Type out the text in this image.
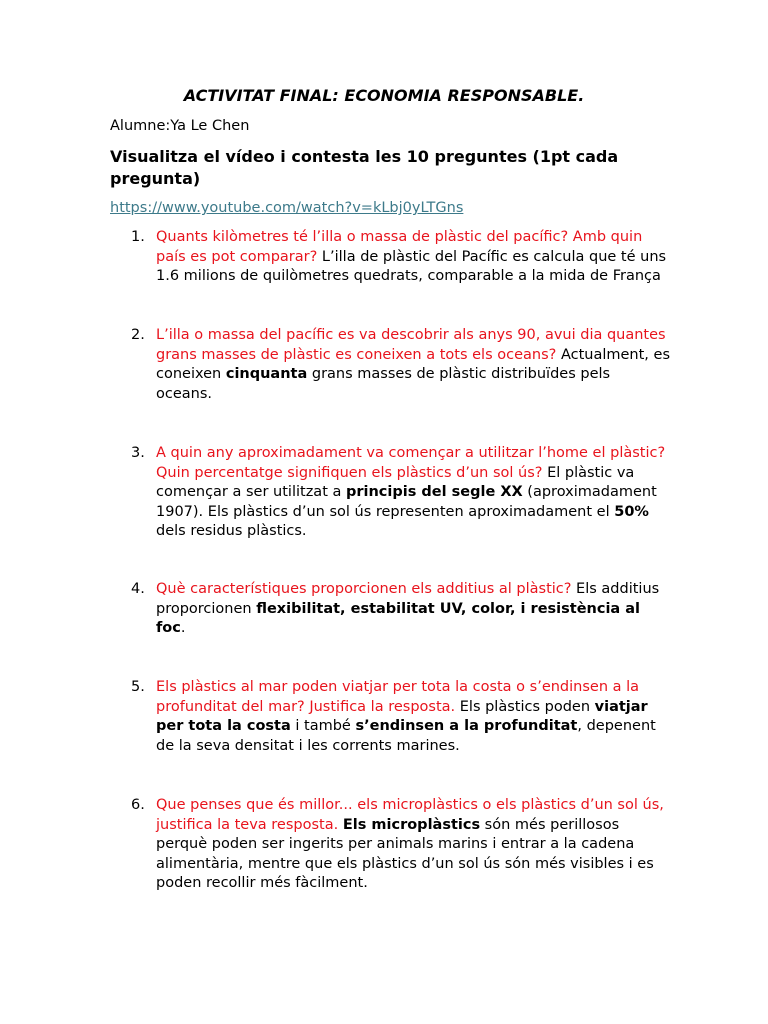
ACTIVITAT FINAL: ECONOMIA RESPONSABLE.
Alumne:Ya Le Chen
Visualitza el vídeo i contesta les 10 preguntes (1pt cada pregunta)
https://www.youtube.com/watch?v=kLbj0yLTGns
1. Quants kilòmetres té l’illa o massa de plàstic del pacífic? Amb quin país es pot comparar? L’illa de plàstic del Pacífic es calcula que té uns 1.6 milions de quilòmetres quedrats, comparable a la mida de França
2. L’illa o massa del pacífic es va descobrir als anys 90, avui dia quantes grans masses de plàstic es coneixen a tots els oceans? Actualment, es coneixen cinquanta grans masses de plàstic distribuïdes pels oceans.
3. A quin any aproximadament va començar a utilitzar l’home el plàstic? Quin percentatge signifiquen els plàstics d’un sol ús? El plàstic va començar a ser utilitzat a principis del segle XX (aproximadament 1907). Els plàstics d’un sol ús representen aproximadament el 50% dels residus plàstics.
4. Què característiques proporcionen els additius al plàstic? Els additius proporcionen flexibilitat, estabilitat UV, color, i resistència al foc.
5. Els plàstics al mar poden viatjar per tota la costa o s’endinsen a la profunditat del mar? Justifica la resposta. Els plàstics poden viatjar per tota la costa i també s’endinsen a la profunditat, depenent de la seva densitat i les corrents marines.
6. Que penses que és millor... els microplàstics o els plàstics d’un sol ús, justifica la teva resposta. Els microplàstics són més perillosos perquè poden ser ingerits per animals marins i entrar a la cadena alimentària, mentre que els plàstics d’un sol ús són més visibles i es poden recollir més fàcilment.
